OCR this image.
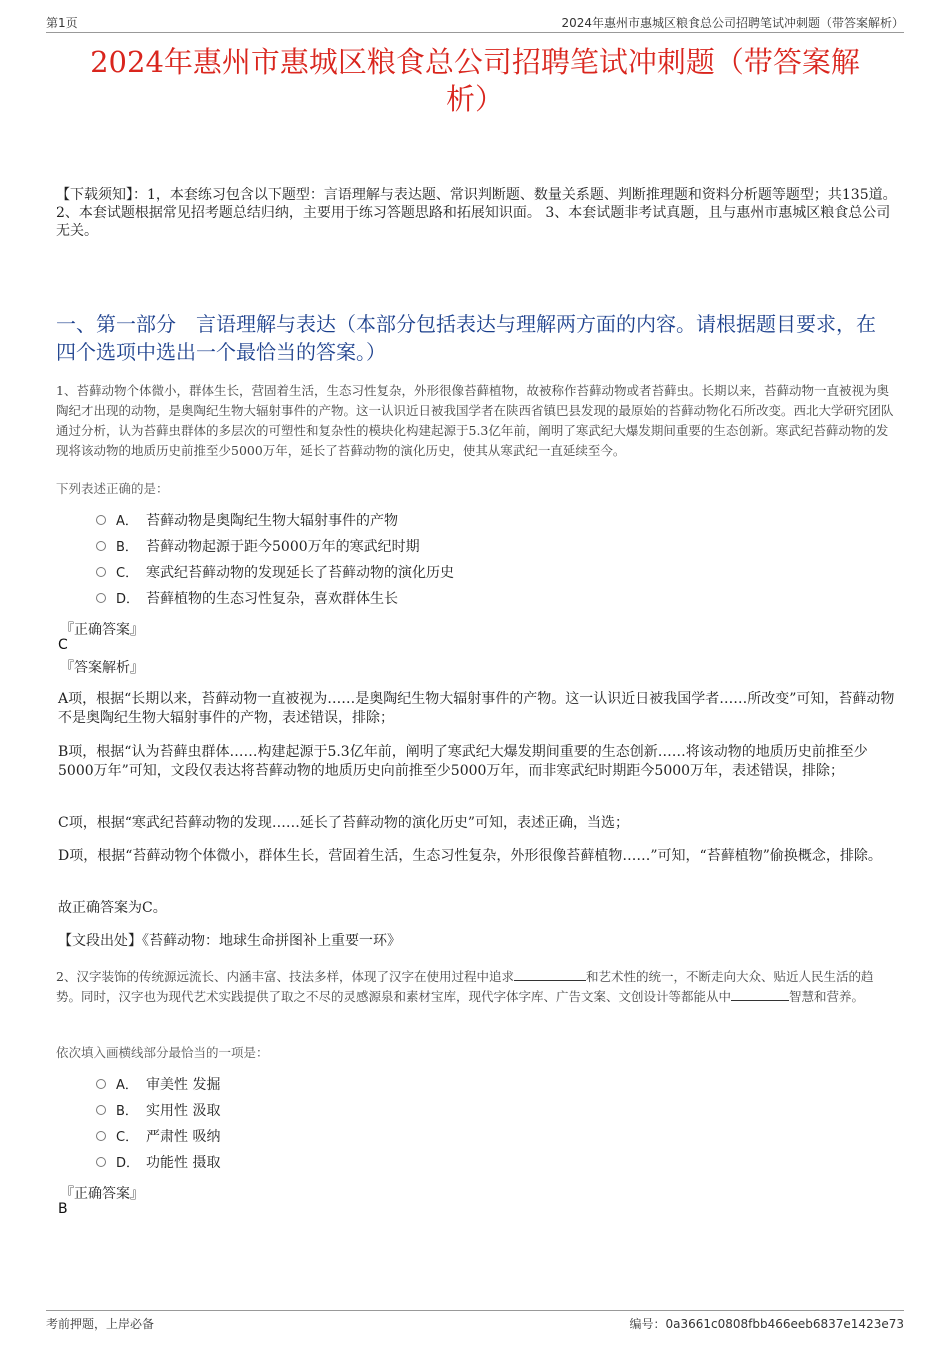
第1页	2024年惠州市惠城区粮食总公司招聘笔试冲刺题（带答案解析）
2024年惠州市惠城区粮食总公司招聘笔试冲刺题（带答案解
析）
【下载须知】：1，本套练习包含以下题型：言语理解与表达题、常识判断题、数量关系题、判断推理题和资料分析题等题型；共135道。 2、本套试题根据常见招考题总结归纳，主要用于练习答题思路和拓展知识面。 3、本套试题非考试真题，且与惠州市惠城区粮食总公司无关。
一、第一部分　言语理解与表达（本部分包括表达与理解两方面的内容。请根据题目要求，在四个选项中选出一个最恰当的答案。）
1、苔藓动物个体微小，群体生长，营固着生活，生态习性复杂，外形很像苔藓植物，故被称作苔藓动物或者苔藓虫。长期以来，苔藓动物一直被视为奥陶纪才出现的动物，是奥陶纪生物大辐射事件的产物。这一认识近日被我国学者在陕西省镇巴县发现的最原始的苔藓动物化石所改变。西北大学研究团队通过分析，认为苔藓虫群体的多层次的可塑性和复杂性的模块化构建起源于5.3亿年前，阐明了寒武纪大爆发期间重要的生态创新。寒武纪苔藓动物的发现将该动物的地质历史前推至少5000万年，延长了苔藓动物的演化历史，使其从寒武纪一直延续至今。
下列表述正确的是：
A． 苔藓动物是奥陶纪生物大辐射事件的产物
B． 苔藓动物起源于距今5000万年的寒武纪时期
C． 寒武纪苔藓动物的发现延长了苔藓动物的演化历史
D． 苔藓植物的生态习性复杂，喜欢群体生长
『正确答案』
C
『答案解析』
A项，根据“长期以来，苔藓动物一直被视为……是奥陶纪生物大辐射事件的产物。这一认识近日被我国学者……所改变”可知，苔藓动物不是奥陶纪生物大辐射事件的产物，表述错误，排除；
B项，根据“认为苔藓虫群体……构建起源于5.3亿年前，阐明了寒武纪大爆发期间重要的生态创新……将该动物的地质历史前推至少5000万年”可知，文段仅表达将苔藓动物的地质历史向前推至少5000万年，而非寒武纪时期距今5000万年，表述错误，排除；
C项，根据“寒武纪苔藓动物的发现……延长了苔藓动物的演化历史”可知，表述正确，当选；
D项，根据“苔藓动物个体微小，群体生长，营固着生活，生态习性复杂，外形很像苔藓植物……”可知，“苔藓植物”偷换概念，排除。
故正确答案为C。
【文段出处】《苔藓动物：地球生命拼图补上重要一环》
2、汉字装饰的传统源远流长、内涵丰富、技法多样，体现了汉字在使用过程中追求	和艺术性的统一，不断走向大众、贴近人民生活的趋势。同时，汉字也为现代艺术实践提供了取之不尽的灵感源泉和素材宝库，现代字体字库、广告文案、文创设计等都能从中	智慧和营养。
依次填入画横线部分最恰当的一项是：
A． 审美性 发掘
B． 实用性 汲取
C． 严肃性 吸纳
D． 功能性 摄取
『正确答案』
B
考前押题，上岸必备	编号：0a3661c0808fbb466eeb6837e1423e73
